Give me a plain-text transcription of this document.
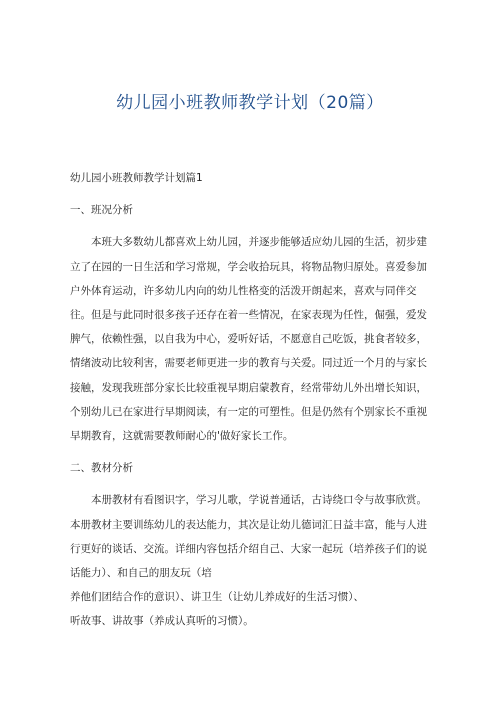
幼儿园小班教师教学计划（20篇）

幼儿园小班教师教学计划篇1

一、班况分析

本班大多数幼儿都喜欢上幼儿园，并逐步能够适应幼儿园的生活，初步建立了在园的一日生活和学习常规，学会收拾玩具，将物品物归原处。喜爱参加户外体育运动，许多幼儿内向的幼儿性格变的活泼开朗起来，喜欢与同伴交往。但是与此同时很多孩子还存在着一些情况，在家表现为任性，倔强，爱发脾气，依赖性强，以自我为中心，爱听好话，不愿意自己吃饭，挑食者较多，情绪波动比较利害，需要老师更进一步的教育与关爱。同过近一个月的与家长接触，发现我班部分家长比较重视早期启蒙教育，经常带幼儿外出增长知识，个别幼儿已在家进行早期阅读，有一定的可塑性。但是仍然有个别家长不重视早期教育，这就需要教师耐心的'做好家长工作。

二、教材分析

本册教材有看图识字，学习儿歌，学说普通话，古诗绕口令与故事欣赏。本册教材主要训练幼儿的表达能力，其次是让幼儿德词汇日益丰富，能与人进行更好的谈话、交流。详细内容包括介绍自己、大家一起玩（培养孩子们的说话能力）、和自己的朋友玩（培

养他们团结合作的意识）、讲卫生（让幼儿养成好的生活习惯）、

听故事、讲故事（养成认真听的习惯）。
